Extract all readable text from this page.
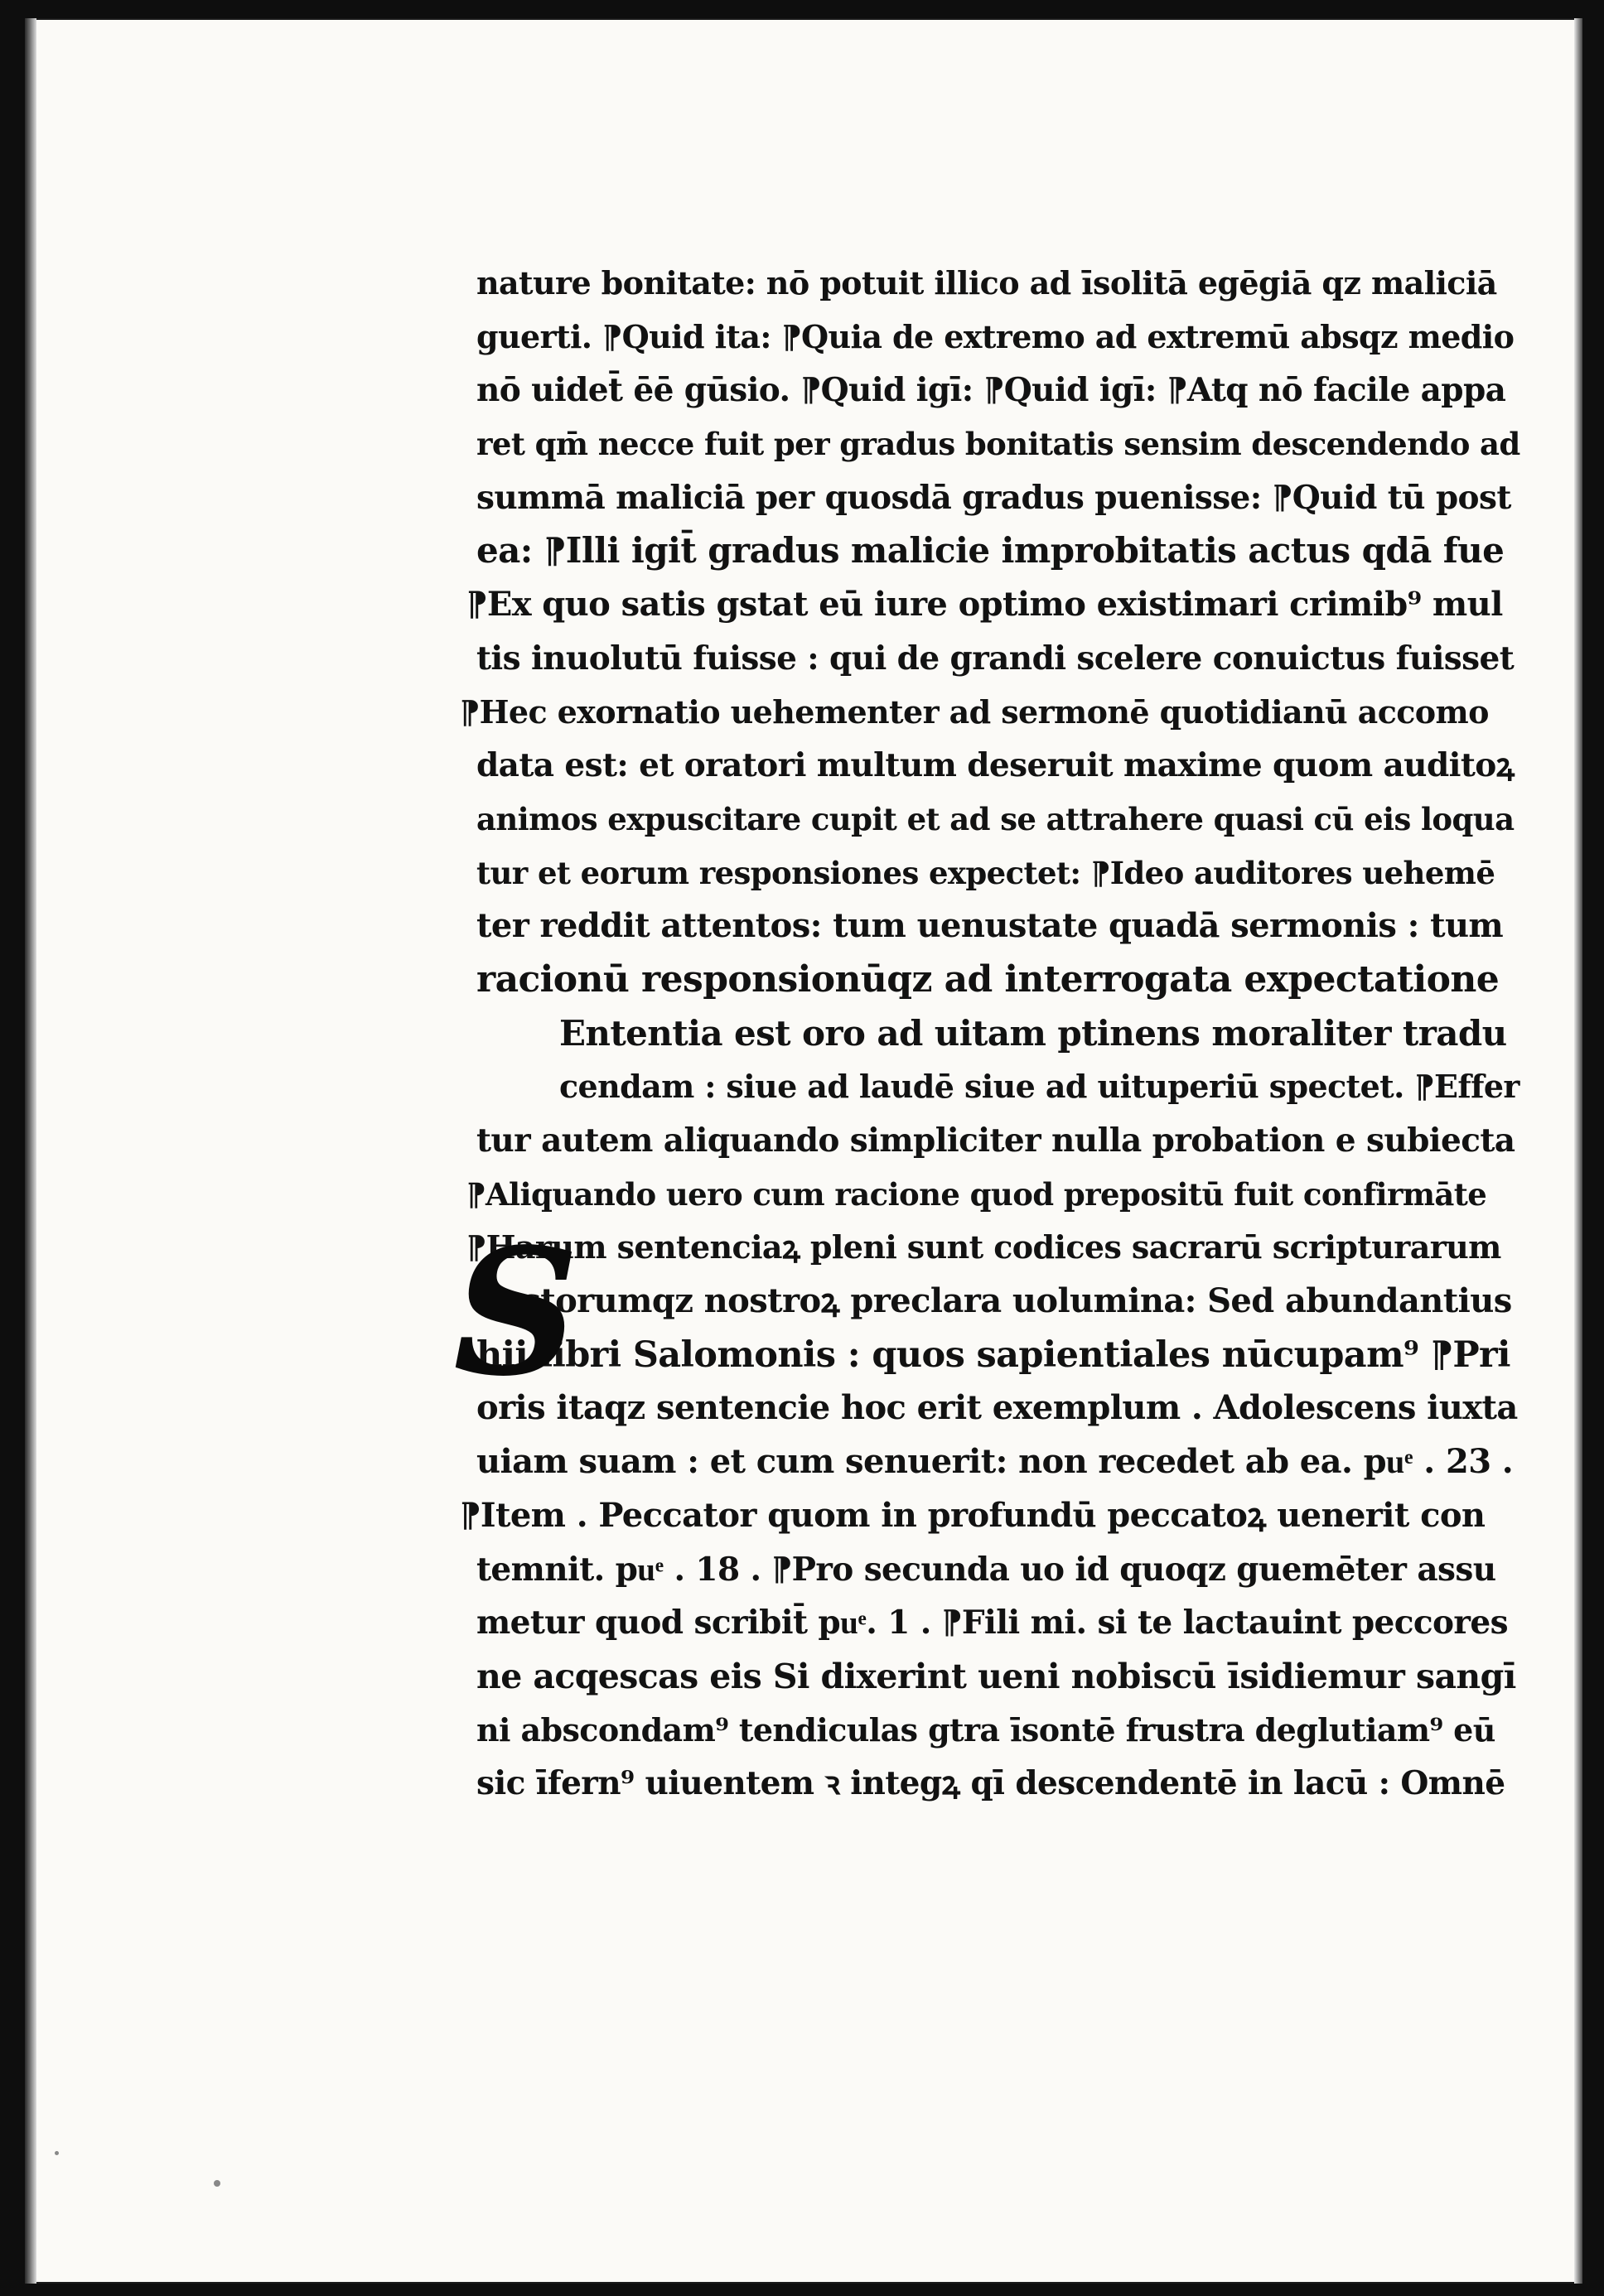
nature bonitate: nō potuit illico ad īsolitā egēgiā qz maliciā
guerti. ⁋Quid ita: ⁋Quia de extremo ad extremū absqz medio
nō uidet̄ ēē gūsio. ⁋Quid igī: ⁋Quid igī: ⁋Atq nō facile appa
ret qm̄ necce fuit per gradus bonitatis sensim descendendo ad
summā maliciā per quosdā gradus puenisse: ⁋Quid tū post
ea: ⁋Illi igit̄ gradus malicie improbitatis actus qdā fue
⁋Ex quo satis gstat eū iure optimo existimari crimib⁹ mul
tis inuolutū fuisse : qui de grandi scelere conuictus fuisset
⁋Hec exornatio uehementer ad sermonē quotidianū accomo
data est: et oratori multum deseruit maxime quom auditoꝝ
animos expuscitare cupit et ad se attrahere quasi cū eis loqua
tur et eorum responsiones expectet: ⁋Ideo auditores uehemē
ter reddit attentos: tum uenustate quadā sermonis : tum
racionū responsionūqz ad interrogata expectatione
Ententia est oro ad uitam ptinens moraliter tradu
cendam : siue ad laudē siue ad uituperiū spectet. ⁋Effer
tur autem aliquando simpliciter nulla probation e subiecta
⁋Aliquando uero cum racione quod prepositū fuit confirmāte
⁋Harum sentenciaꝝ pleni sunt codices sacrarū scripturarum
doctorumqz nostroꝝ preclara uolumina: Sed abundantius
hij libri Salomonis : quos sapientiales nūcupam⁹ ⁋Pri
oris itaqz sentencie hoc erit exemplum . Adolescens iuxta
uiam suam : et cum senuerit: non recedet ab ea. puͤ . 23 .
⁋Item . Peccator quom in profundū peccatoꝝ uenerit con
temnit. puͤ . 18 . ⁋Pro secunda uo id quoqz guemēter assu
metur quod scribit̄ puͤ. 1 . ⁋Fili mi. si te lactauint peccores
ne acqescas eis Si dixerint ueni nobiscū īsidiemur sangī
ni abscondam⁹ tendiculas gtra īsontē frustra deglutiam⁹ eū
sic īfern⁹ uiuentem ꝛ integꝝ qī descendentē in lacū : Omnē
S
